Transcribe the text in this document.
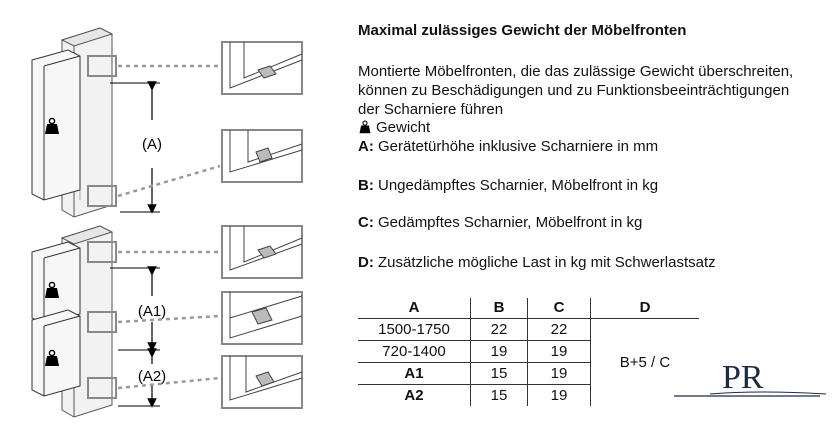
(A)
(A1)
(A2)
Maximal zulässiges Gewicht der Möbelfronten
Montierte Möbelfronten, die das zulässige Gewicht überschreiten, können zu Beschädigungen und zu Funktionsbeeinträchtigungen der Scharniere führen
Gewicht
A: Gerätetürhöhe inklusive Scharniere in mm
B: Ungedämpftes Scharnier, Möbelfront in kg
C: Gedämpftes Scharnier, Möbelfront in kg
D: Zusätzliche mögliche Last in kg mit Schwerlastsatz
A	B	C	D
1500-1750	22	22	B+5 / C
720-1400	19	19	
A1	15	19	
A2	15	19		PR
